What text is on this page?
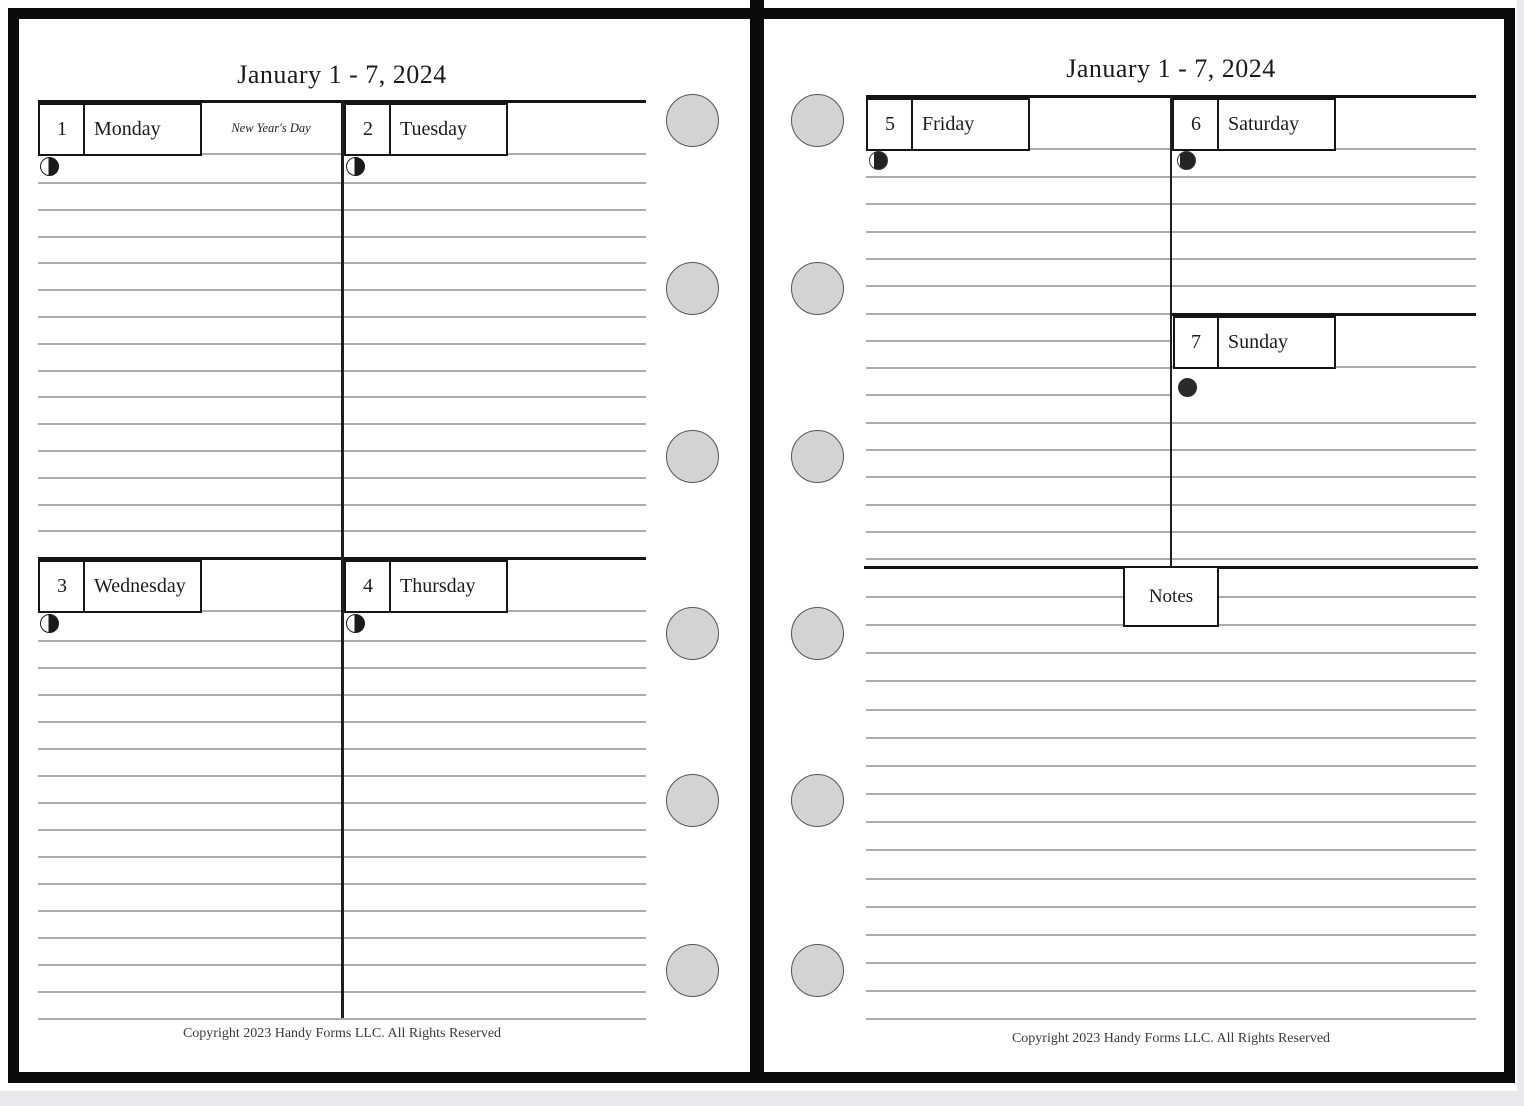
January 1 - 7, 2024
1	Monday	New Year's Day	2	Tuesday
3	Wednesday	4	Thursday
Copyright 2023 Handy Forms LLC. All Rights Reserved
January 1 - 7, 2024
5	Friday	6	Saturday
7	Sunday
Notes
Copyright 2023 Handy Forms LLC. All Rights Reserved
